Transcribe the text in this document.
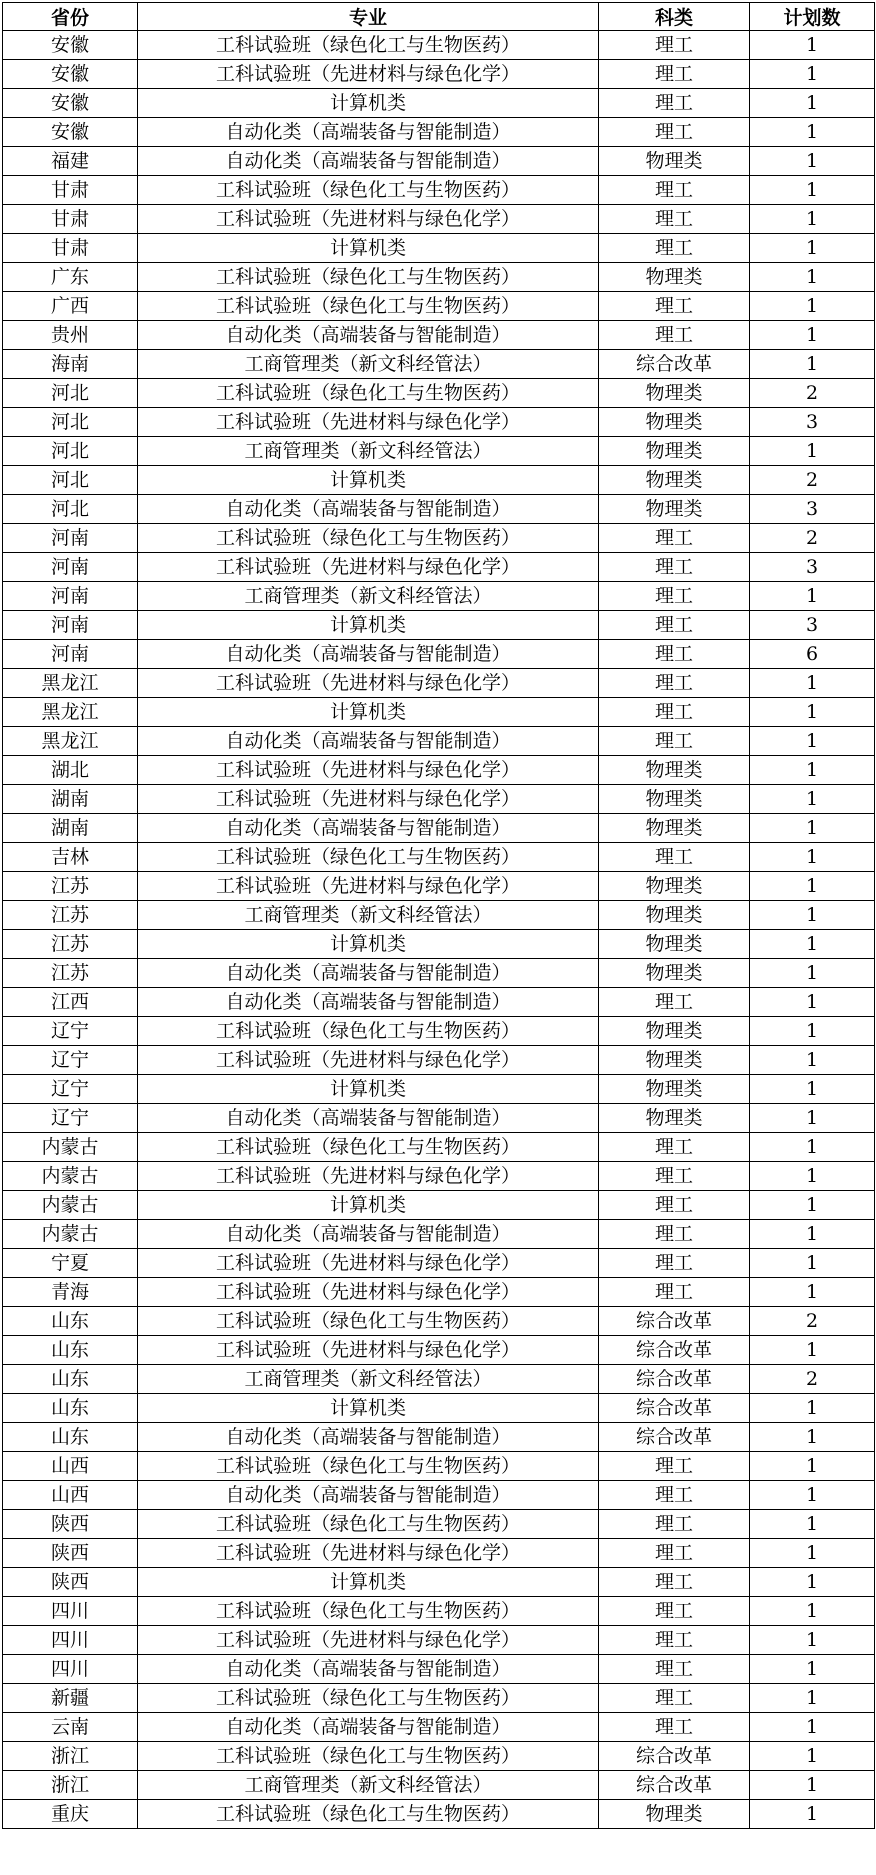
省份	专业	科类	计划数
安徽	工科试验班（绿色化工与生物医药）	理工	1
安徽	工科试验班（先进材料与绿色化学）	理工	1
安徽	计算机类	理工	1
安徽	自动化类（高端装备与智能制造）	理工	1
福建	自动化类（高端装备与智能制造）	物理类	1
甘肃	工科试验班（绿色化工与生物医药）	理工	1
甘肃	工科试验班（先进材料与绿色化学）	理工	1
甘肃	计算机类	理工	1
广东	工科试验班（绿色化工与生物医药）	物理类	1
广西	工科试验班（绿色化工与生物医药）	理工	1
贵州	自动化类（高端装备与智能制造）	理工	1
海南	工商管理类（新文科经管法）	综合改革	1
河北	工科试验班（绿色化工与生物医药）	物理类	2
河北	工科试验班（先进材料与绿色化学）	物理类	3
河北	工商管理类（新文科经管法）	物理类	1
河北	计算机类	物理类	2
河北	自动化类（高端装备与智能制造）	物理类	3
河南	工科试验班（绿色化工与生物医药）	理工	2
河南	工科试验班（先进材料与绿色化学）	理工	3
河南	工商管理类（新文科经管法）	理工	1
河南	计算机类	理工	3
河南	自动化类（高端装备与智能制造）	理工	6
黑龙江	工科试验班（先进材料与绿色化学）	理工	1
黑龙江	计算机类	理工	1
黑龙江	自动化类（高端装备与智能制造）	理工	1
湖北	工科试验班（先进材料与绿色化学）	物理类	1
湖南	工科试验班（先进材料与绿色化学）	物理类	1
湖南	自动化类（高端装备与智能制造）	物理类	1
吉林	工科试验班（绿色化工与生物医药）	理工	1
江苏	工科试验班（先进材料与绿色化学）	物理类	1
江苏	工商管理类（新文科经管法）	物理类	1
江苏	计算机类	物理类	1
江苏	自动化类（高端装备与智能制造）	物理类	1
江西	自动化类（高端装备与智能制造）	理工	1
辽宁	工科试验班（绿色化工与生物医药）	物理类	1
辽宁	工科试验班（先进材料与绿色化学）	物理类	1
辽宁	计算机类	物理类	1
辽宁	自动化类（高端装备与智能制造）	物理类	1
内蒙古	工科试验班（绿色化工与生物医药）	理工	1
内蒙古	工科试验班（先进材料与绿色化学）	理工	1
内蒙古	计算机类	理工	1
内蒙古	自动化类（高端装备与智能制造）	理工	1
宁夏	工科试验班（先进材料与绿色化学）	理工	1
青海	工科试验班（先进材料与绿色化学）	理工	1
山东	工科试验班（绿色化工与生物医药）	综合改革	2
山东	工科试验班（先进材料与绿色化学）	综合改革	1
山东	工商管理类（新文科经管法）	综合改革	2
山东	计算机类	综合改革	1
山东	自动化类（高端装备与智能制造）	综合改革	1
山西	工科试验班（绿色化工与生物医药）	理工	1
山西	自动化类（高端装备与智能制造）	理工	1
陕西	工科试验班（绿色化工与生物医药）	理工	1
陕西	工科试验班（先进材料与绿色化学）	理工	1
陕西	计算机类	理工	1
四川	工科试验班（绿色化工与生物医药）	理工	1
四川	工科试验班（先进材料与绿色化学）	理工	1
四川	自动化类（高端装备与智能制造）	理工	1
新疆	工科试验班（绿色化工与生物医药）	理工	1
云南	自动化类（高端装备与智能制造）	理工	1
浙江	工科试验班（绿色化工与生物医药）	综合改革	1
浙江	工商管理类（新文科经管法）	综合改革	1
重庆	工科试验班（绿色化工与生物医药）	物理类	1
